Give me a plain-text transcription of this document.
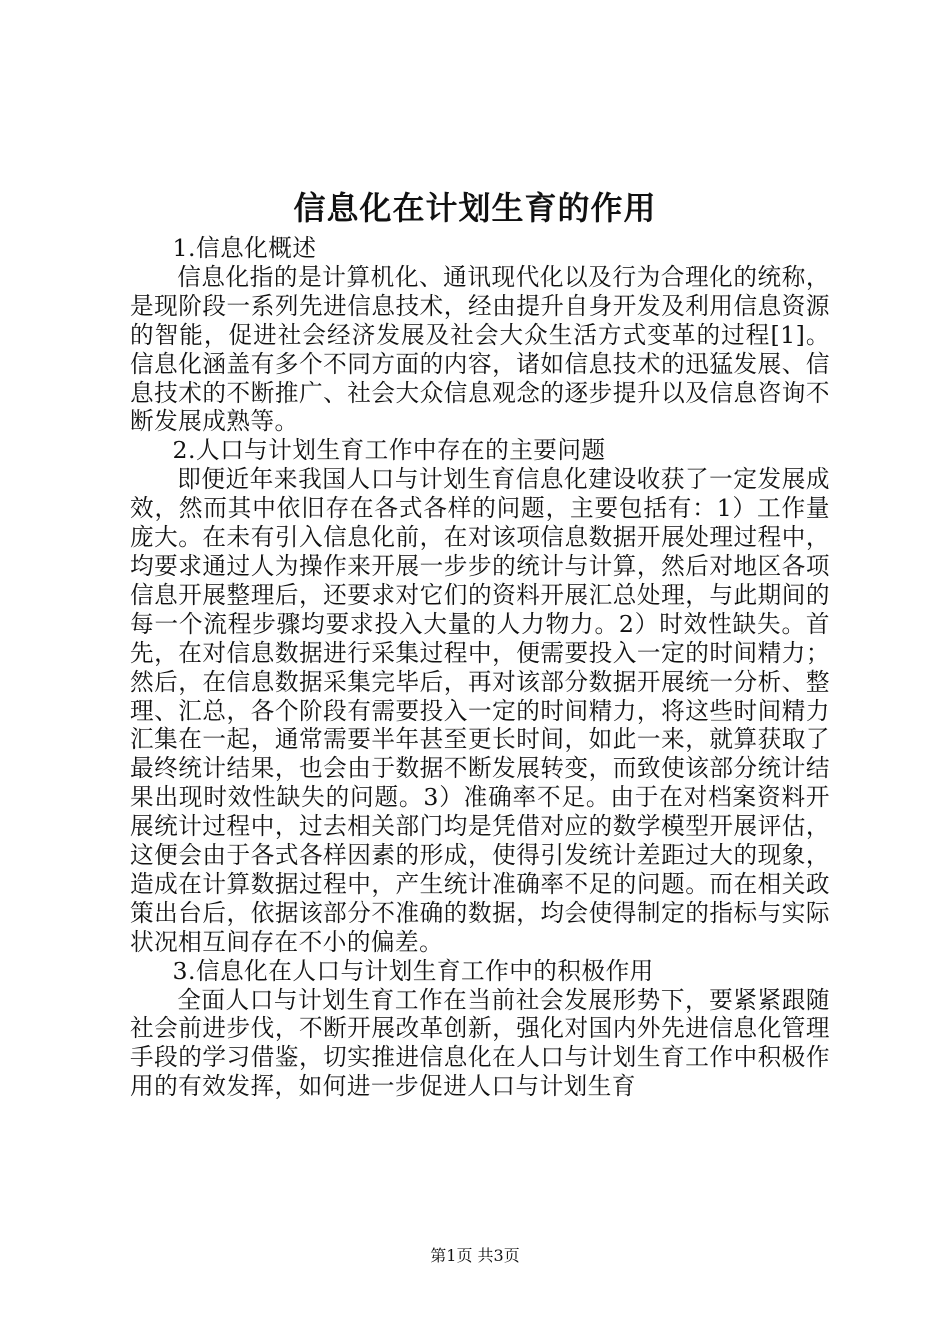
信息化在计划生育的作用

1.信息化概述

信息化指的是计算机化、通讯现代化以及行为合理化的统称，是现阶段一系列先进信息技术，经由提升自身开发及利用信息资源的智能，促进社会经济发展及社会大众生活方式变革的过程[1]。信息化涵盖有多个不同方面的内容，诸如信息技术的迅猛发展、信息技术的不断推广、社会大众信息观念的逐步提升以及信息咨询不断发展成熟等。

2.人口与计划生育工作中存在的主要问题

即便近年来我国人口与计划生育信息化建设收获了一定发展成效，然而其中依旧存在各式各样的问题，主要包括有：1）工作量庞大。在未有引入信息化前，在对该项信息数据开展处理过程中，均要求通过人为操作来开展一步步的统计与计算，然后对地区各项信息开展整理后，还要求对它们的资料开展汇总处理，与此期间的每一个流程步骤均要求投入大量的人力物力。2）时效性缺失。首先，在对信息数据进行采集过程中，便需要投入一定的时间精力；然后，在信息数据采集完毕后，再对该部分数据开展统一分析、整理、汇总，各个阶段有需要投入一定的时间精力，将这些时间精力汇集在一起，通常需要半年甚至更长时间，如此一来，就算获取了最终统计结果，也会由于数据不断发展转变，而致使该部分统计结果出现时效性缺失的问题。3）准确率不足。由于在对档案资料开展统计过程中，过去相关部门均是凭借对应的数学模型开展评估，这便会由于各式各样因素的形成，使得引发统计差距过大的现象，造成在计算数据过程中，产生统计准确率不足的问题。而在相关政策出台后，依据该部分不准确的数据，均会使得制定的指标与实际状况相互间存在不小的偏差。

3.信息化在人口与计划生育工作中的积极作用

全面人口与计划生育工作在当前社会发展形势下，要紧紧跟随社会前进步伐，不断开展改革创新，强化对国内外先进信息化管理手段的学习借鉴，切实推进信息化在人口与计划生育工作中积极作用的有效发挥，如何进一步促进人口与计划生育

第1页 共3页
